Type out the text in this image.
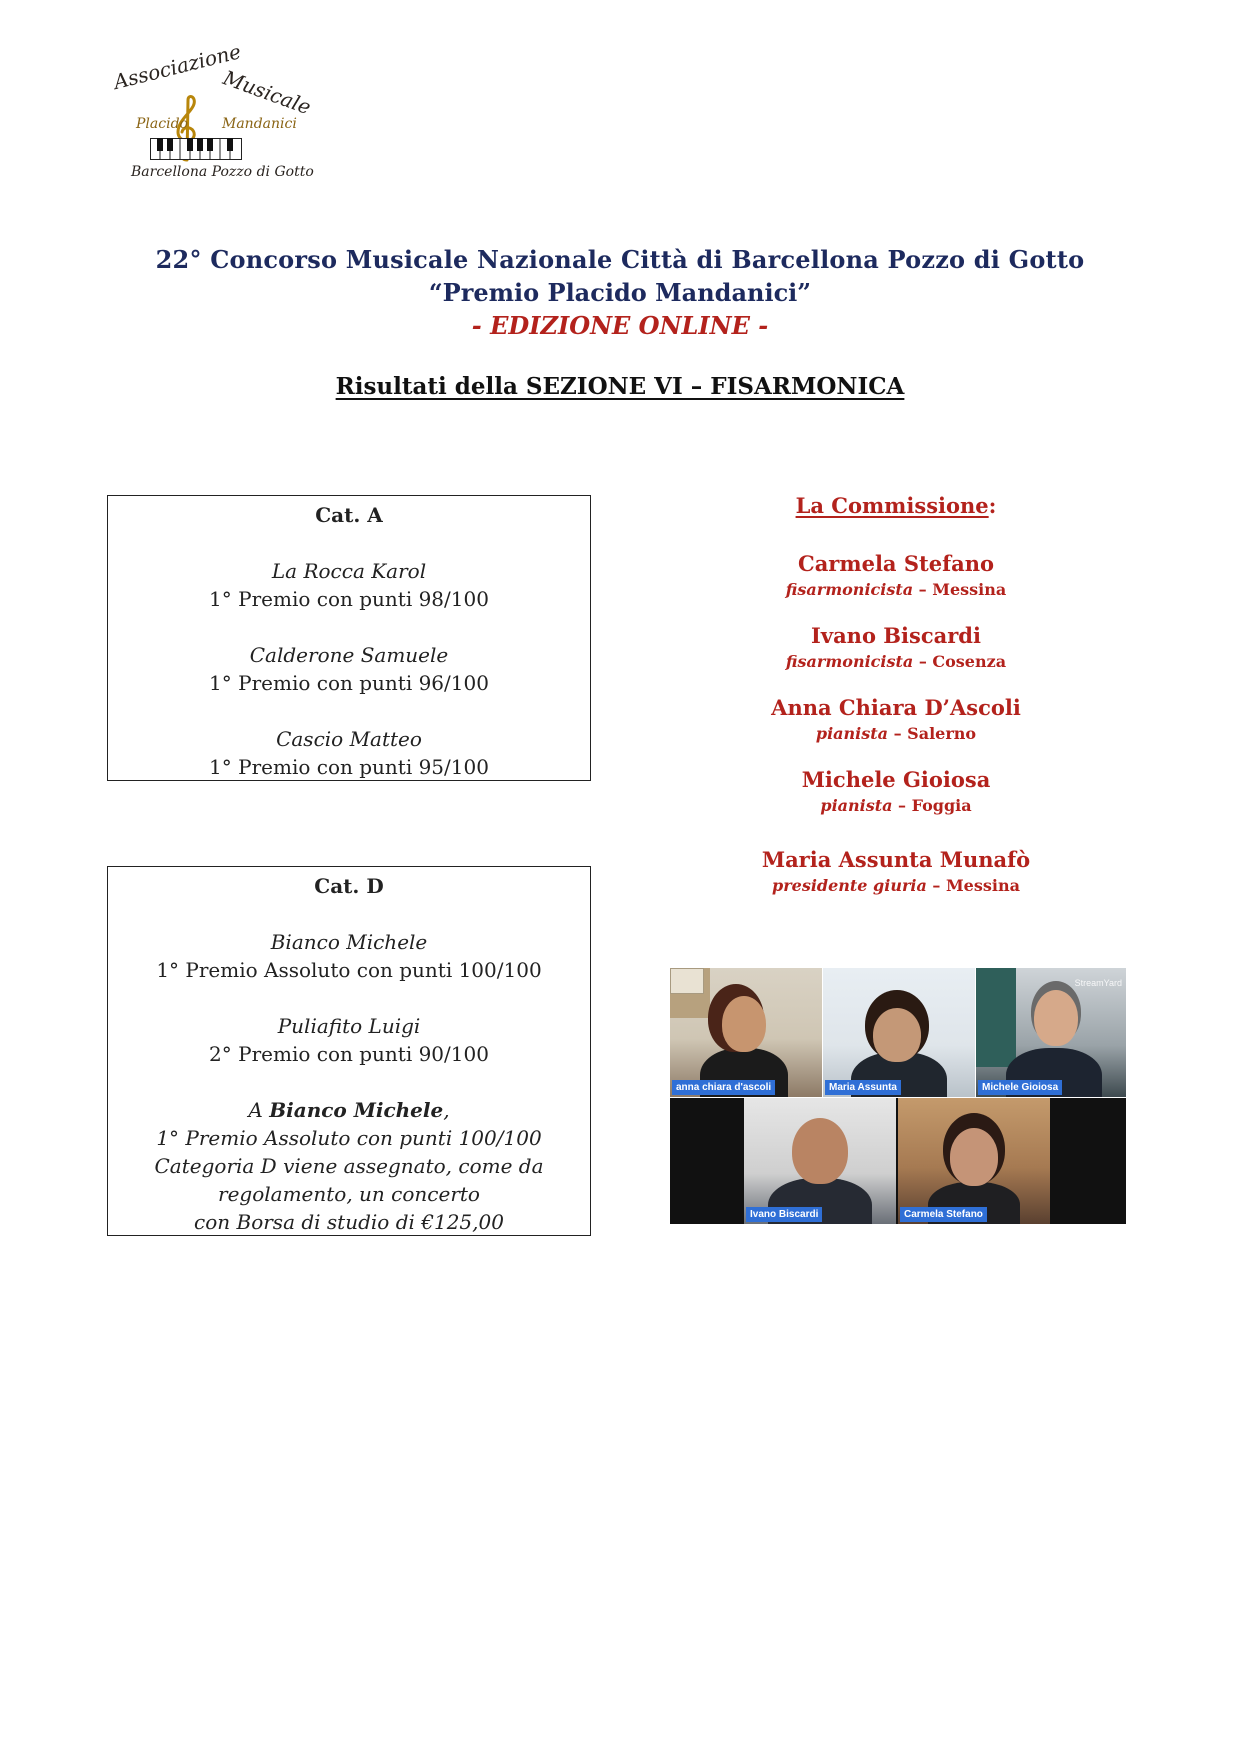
Associazione
Musicale
Placido Mandanici
Barcellona Pozzo di Gotto
22° Concorso Musicale Nazionale Città di Barcellona Pozzo di Gotto
“Premio Placido Mandanici”
- EDIZIONE ONLINE -
Risultati della SEZIONE VI – FISARMONICA
Cat. A
La Rocca Karol
1° Premio con punti 98/100
Calderone Samuele
1° Premio con punti 96/100
Cascio Matteo
1° Premio con punti 95/100
Cat. D
Bianco Michele
1° Premio Assoluto con punti 100/100
Puliafito Luigi
2° Premio con punti 90/100
A Bianco Michele,
1° Premio Assoluto con punti 100/100
Categoria D viene assegnato, come da
regolamento, un concerto
con Borsa di studio di €125,00
La Commissione:
Carmela Stefano
fisarmonicista – Messina
Ivano Biscardi
fisarmonicista – Cosenza
Anna Chiara D’Ascoli
pianista – Salerno
Michele Gioiosa
pianista – Foggia
Maria Assunta Munafò
presidente giuria – Messina
anna chiara d'ascoli	Maria Assunta
StreamYard
Michele Gioiosa
Ivano Biscardi	Carmela Stefano
